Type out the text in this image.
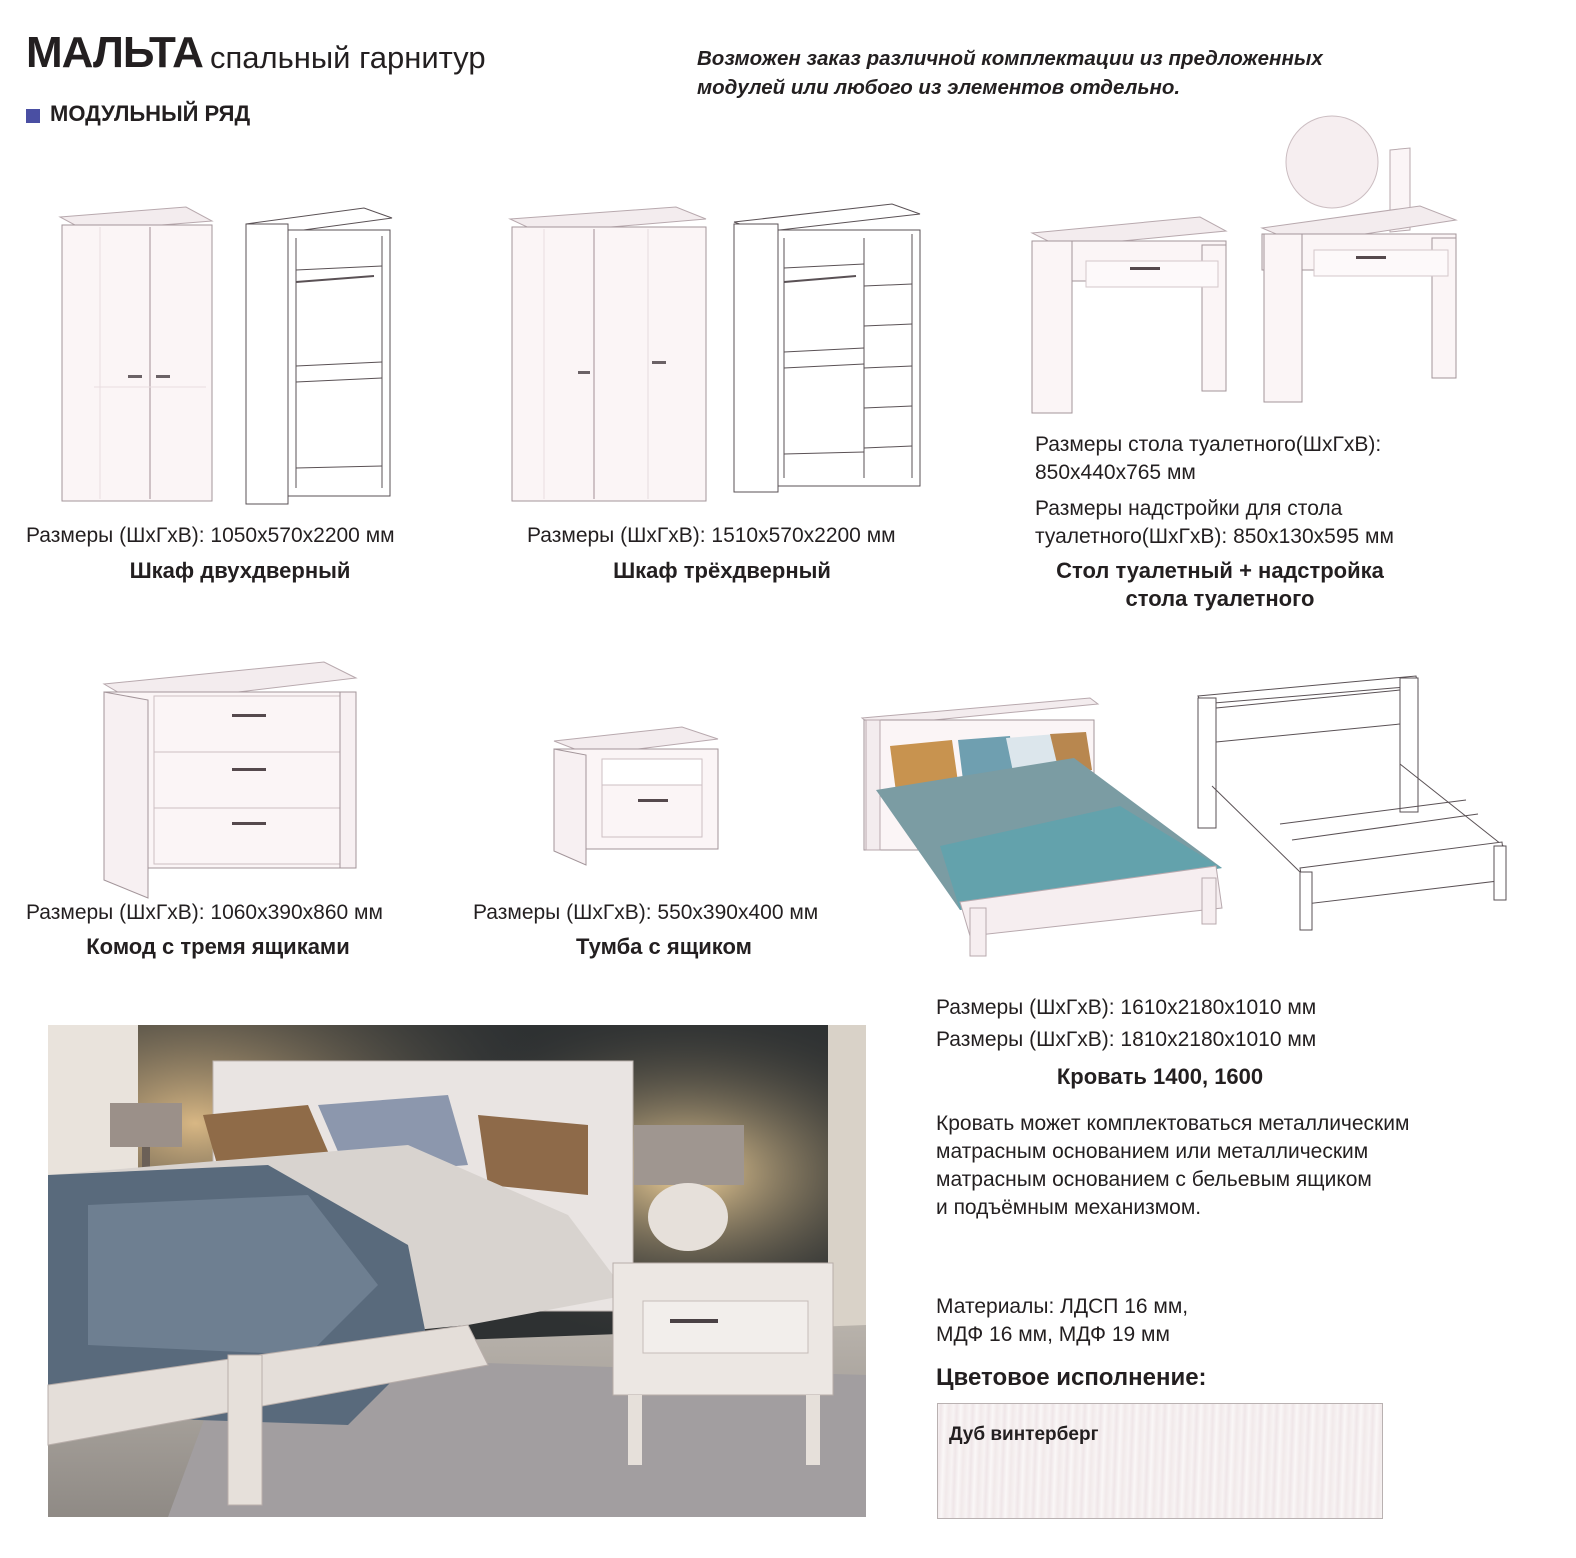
МАЛЬТА спальный гарнитур
МОДУЛЬНЫЙ РЯД
Возможен заказ различной комплектации из предложенных
модулей или любого из элементов отдельно.
Размеры (ШхГхВ): 1050х570х2200 мм
Шкаф двухдверный
Размеры (ШхГхВ): 1510х570х2200 мм
Шкаф трёхдверный
Размеры стола туалетного(ШхГхВ):
850х440х765 мм
Размеры надстройки для стола
туалетного(ШхГхВ): 850х130х595 мм
Стол туалетный + надстройка
стола туалетного
Размеры (ШхГхВ): 1060х390х860 мм
Комод с тремя ящиками
Размеры (ШхГхВ): 550х390х400 мм
Тумба с ящиком
Размеры (ШхГхВ): 1610х2180х1010 мм
Размеры (ШхГхВ): 1810х2180х1010 мм
Кровать 1400, 1600
Кровать может комплектоваться металлическим
матрасным основанием или металлическим
матрасным основанием с бельевым ящиком
и подъёмным механизмом.
Материалы: ЛДСП 16 мм,
МДФ 16 мм, МДФ 19 мм
Цветовое исполнение:
Дуб винтерберг
